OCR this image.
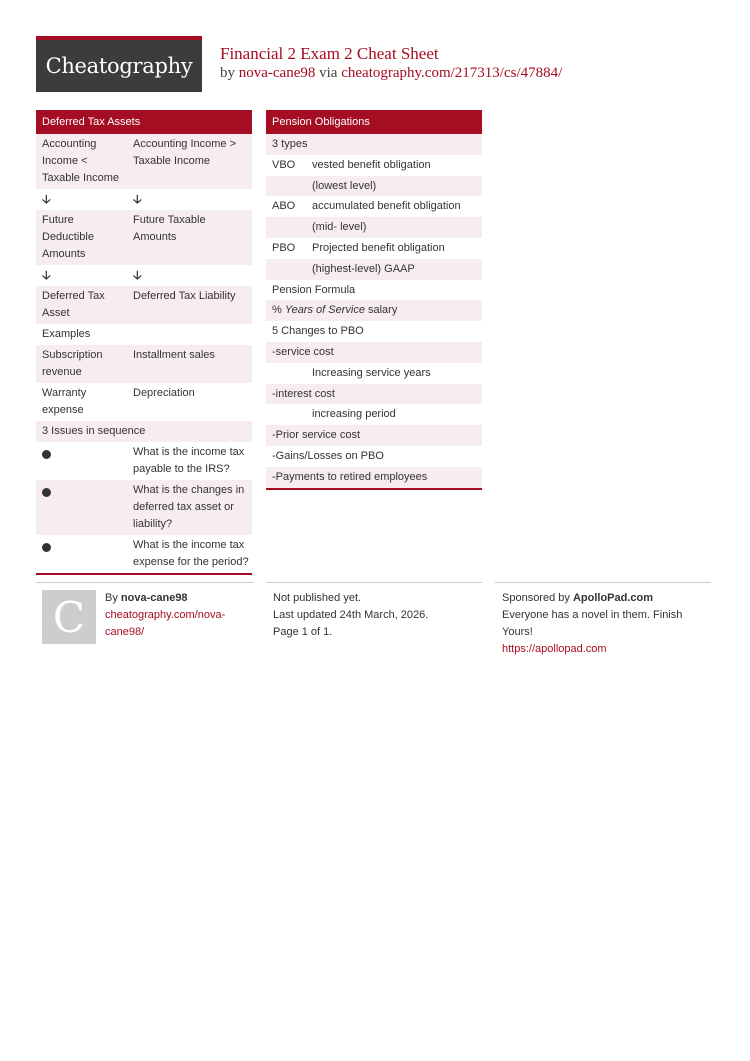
Cheatography
Financial 2 Exam 2 Cheat Sheet
by nova-cane98 via cheatography.com/217313/cs/47884/
Deferred Tax Assets
Accounting Income < Taxable Income
Accounting Income > Taxable Income
🡣	🡣
Future Deductible Amounts
Future Taxable Amounts
🡣	🡣
Deferred Tax Asset
Deferred Tax Liability
Examples
Subscription revenue
Installment sales
Warranty expense
Depreciation
3 Issues in sequence
What is the income tax payable to the IRS?
What is the changes in deferred tax asset or liability?
What is the income tax expense for the period?
Pension Obligations
3 types
VBO vested benefit obligation
(lowest level)
ABO accumulated benefit obligation
(mid- level)
PBO Projected benefit obligation
(highest-level) GAAP
Pension Formula
% Years of Service salary
5 Changes to PBO
-service cost
Increasing service years
-interest cost
increasing period
-Prior service cost
-Gains/Losses on PBO
-Payments to retired employees
C By nova-cane98
cheatography.com/nova-cane98/
Not published yet.
Last updated 24th March, 2026.
Page 1 of 1.
Sponsored by ApolloPad.com
Everyone has a novel in them. Finish Yours!
https://apollopad.com
